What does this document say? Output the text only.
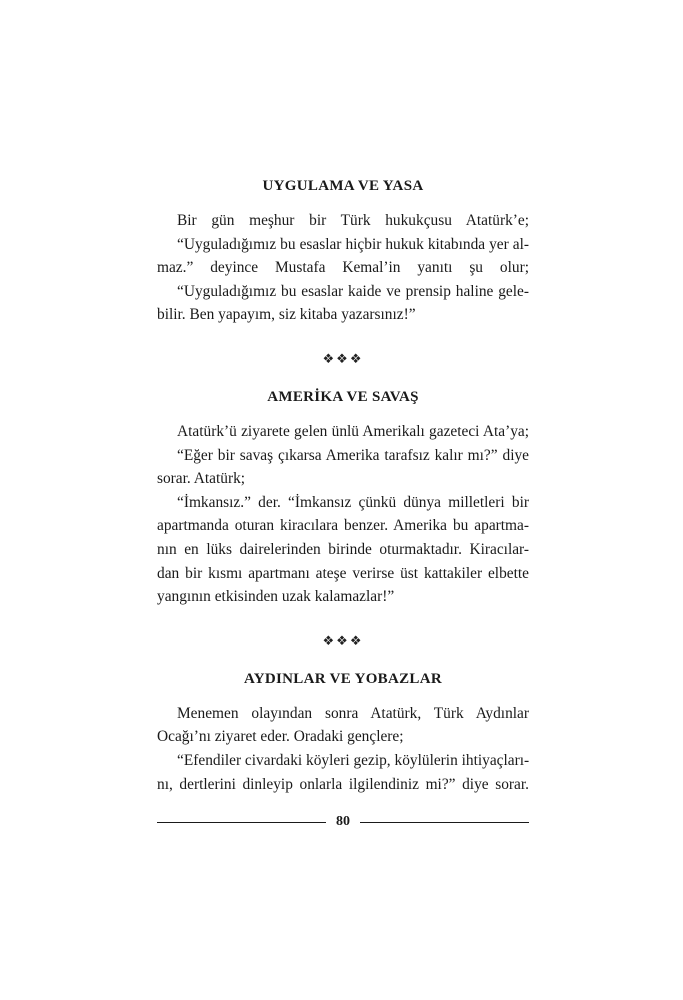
UYGULAMA VE YASA
Bir gün meşhur bir Türk hukukçusu Atatürk’e;
“Uyguladığımız bu esaslar hiçbir hukuk kitabında yer al-
maz.” deyince Mustafa Kemal’in yanıtı şu olur;
“Uyguladığımız bu esaslar kaide ve prensip haline gele-
bilir. Ben yapayım, siz kitaba yazarsınız!”
❖❖❖
AMERİKA VE SAVAŞ
Atatürk’ü ziyarete gelen ünlü Amerikalı gazeteci Ata’ya;
“Eğer bir savaş çıkarsa Amerika tarafsız kalır mı?” diye
sorar. Atatürk;
“İmkansız.” der. “İmkansız çünkü dünya milletleri bir
apartmanda oturan kiracılara benzer. Amerika bu apartma-
nın en lüks dairelerinden birinde oturmaktadır. Kiracılar-
dan bir kısmı apartmanı ateşe verirse üst kattakiler elbette
yangının etkisinden uzak kalamazlar!”
❖❖❖
AYDINLAR VE YOBAZLAR
Menemen olayından sonra Atatürk, Türk Aydınlar
Ocağı’nı ziyaret eder. Oradaki gençlere;
“Efendiler civardaki köyleri gezip, köylülerin ihtiyaçları-
nı, dertlerini dinleyip onlarla ilgilendiniz mi?” diye sorar.
80
